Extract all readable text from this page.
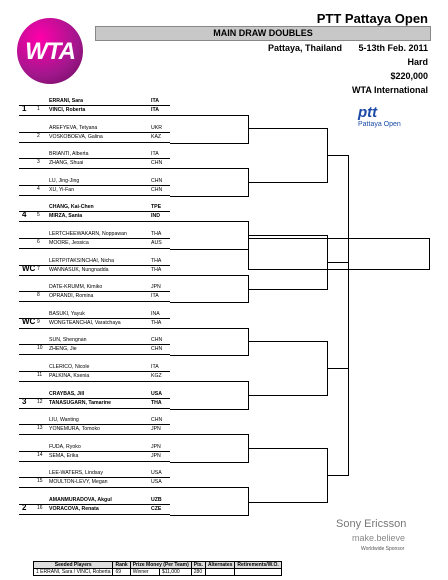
WTA
PTT Pattaya Open
MAIN DRAW DOUBLES
Pattaya, Thailand 5-13th Feb. 2011
Hard
$220,000
WTA International
ptt
Pattaya Open
1 1
ERRANI, Sara	ITA
VINCI, Roberta	ITA
2
AREFYEVA, Tetyana	UKR
VOSKOBOEVA, Galina	KAZ
3
BRIANTI, Alberta	ITA
ZHANG, Shuai	CHN
4
LU, Jing-Jing	CHN
XU, Yi-Fan	CHN
4 5
CHANG, Kai-Chen	TPE
MIRZA, Sania	IND
6
LERTCHEEWAKARN, Noppawan	THA
MOORE, Jessica	AUS
WC 7
LERTPITAKSINCHAI, Nicha	THA
WANNASUK, Nungnadda	THA
8
DATE-KRUMM, Kimiko	JPN
OPRANDI, Romina	ITA
WC 9
BASUKI, Yayuk	INA
WONGTEANCHAI, Varatchaya	THA
10
SUN, Shengnan	CHN
ZHENG, Jie	CHN
11
CLERICO, Nicole	ITA
PALKINA, Ksenia	KGZ
3 12
CRAYBAS, Jill	USA
TANASUGARN, Tamarine	THA
13
LIU, Wanting	CHN
YONEMURA, Tomoko	JPN
14
FUDA, Ryoko	JPN
SEMA, Erika	JPN
15
LEE-WATERS, Lindsay	USA
MOULTON-LEVY, Megan	USA
2 16
AMANMURADOVA, Akgul	UZB
VORACOVA, Renata	CZE
Sony Ericsson
make.believe
Worldwide Sponsor
Seeded Players	Rank	Prize Money (Per Team)		Pts.	Alternates	Retirements/W.O.
1 ERRANI, Sara / VINCI, Roberta	69	Winner	$11,000	280		
